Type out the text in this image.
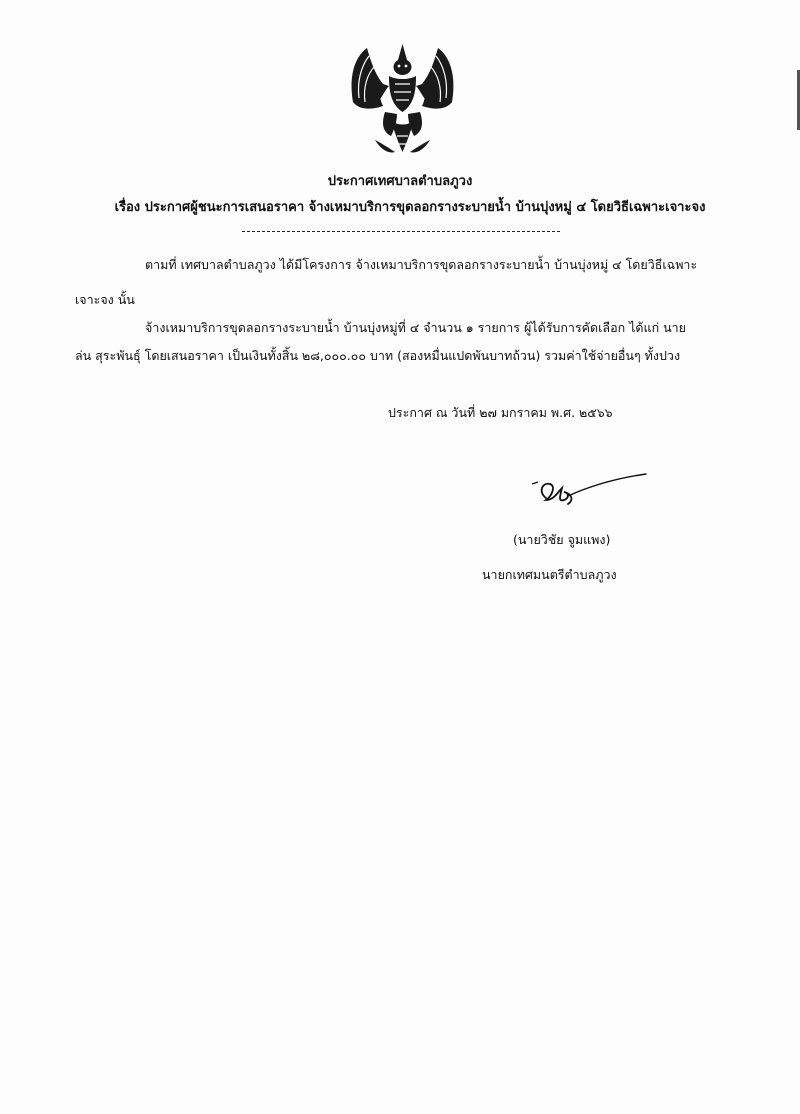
ประกาศเทศบาลตำบลภูวง
เรื่อง ประกาศผู้ชนะการเสนอราคา จ้างเหมาบริการขุดลอกรางระบายน้ำ บ้านบุ่งหมู่ ๔ โดยวิธีเฉพาะเจาะจง
ตามที่ เทศบาลตำบลภูวง ได้มีโครงการ จ้างเหมาบริการขุดลอกรางระบายน้ำ บ้านบุ่งหมู่ ๔ โดยวิธีเฉพาะ
เจาะจง นั้น
จ้างเหมาบริการขุดลอกรางระบายน้ำ บ้านบุ่งหมู่ที่ ๔ จำนวน ๑ รายการ ผู้ได้รับการคัดเลือก ได้แก่ นาย
ล่น สุระพันธุ์ โดยเสนอราคา เป็นเงินทั้งสิ้น ๒๘,๐๐๐.๐๐ บาท (สองหมื่นแปดพันบาทถ้วน) รวมค่าใช้จ่ายอื่นๆ ทั้งปวง
ประกาศ ณ วันที่ ๒๗ มกราคม พ.ศ. ๒๕๖๖
(นายวิชัย จูมแพง)
นายกเทศมนตรีตำบลภูวง
